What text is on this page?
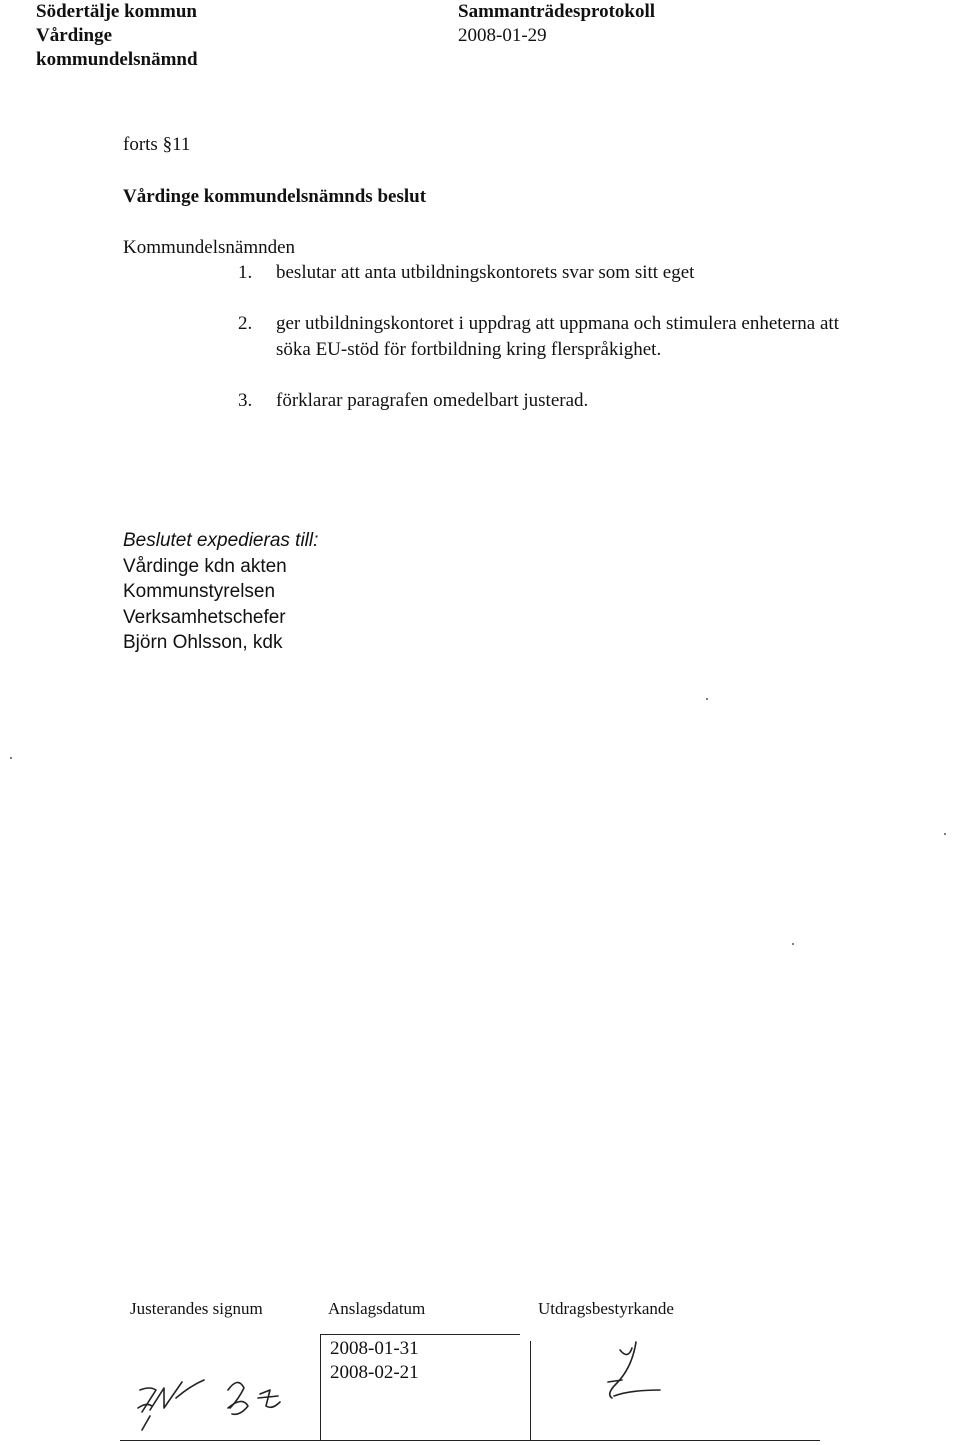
Södertälje kommun
Vårdinge
kommundelsnämnd
Sammanträdesprotokoll
2008-01-29

forts §11

Vårdinge kommundelsnämnds beslut

Kommundelsnämnden

1. beslutar att anta utbildningskontorets svar som sitt eget
2. ger utbildningskontoret i uppdrag att uppmana och stimulera enheterna att söka EU-stöd för fortbildning kring flerspråkighet.
3. förklarar paragrafen omedelbart justerad.
Beslutet expedieras till:
Vårdinge kdn akten
Kommunstyrelsen
Verksamhetschefer
Björn Ohlsson, kdk

Justerandes signum	Anslagsdatum	Utdragsbestyrkande

2008-01-31
2008-02-21
